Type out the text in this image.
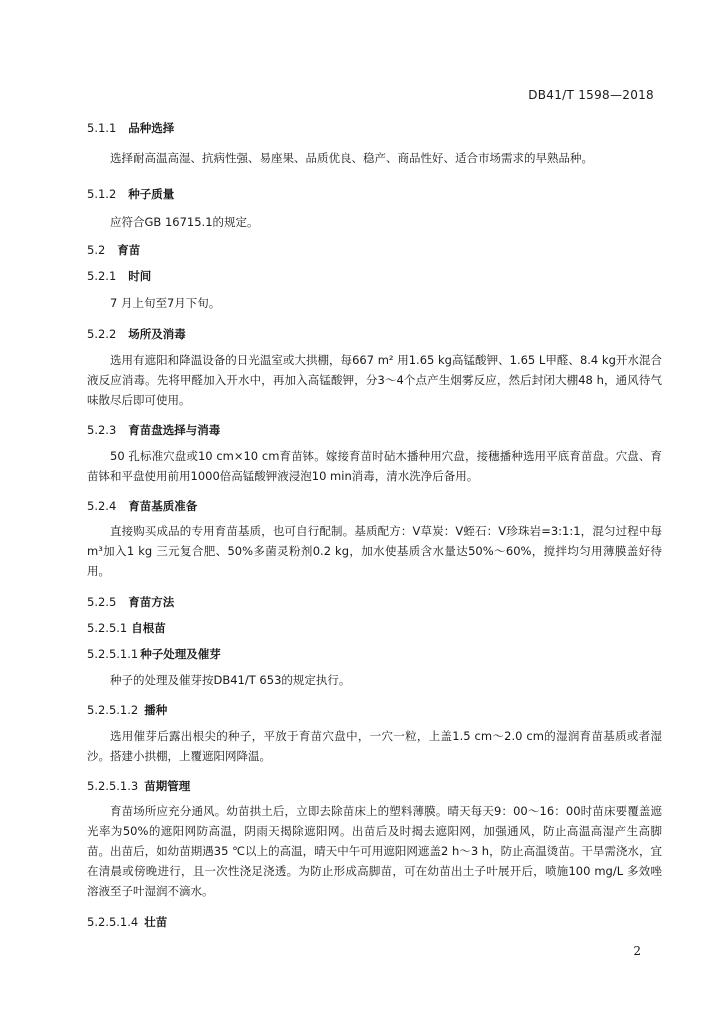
DB41/T 1598—2018
5.1.1 品种选择
选择耐高温高湿、抗病性强、易座果、品质优良、稳产、商品性好、适合市场需求的早熟品种。
5.1.2 种子质量
应符合GB 16715.1的规定。
5.2 育苗
5.2.1 时间
7 月上旬至7月下旬。
5.2.2 场所及消毒
选用有遮阳和降温设备的日光温室或大拱棚，每667 m² 用1.65 kg高锰酸钾、1.65 L甲醛、8.4 kg开水混合液反应消毒。先将甲醛加入开水中，再加入高锰酸钾，分3～4个点产生烟雾反应，然后封闭大棚48 h，通风待气味散尽后即可使用。
5.2.3 育苗盘选择与消毒
50 孔标准穴盘或10 cm×10 cm育苗钵。嫁接育苗时砧木播种用穴盘，接穗播种选用平底育苗盘。穴盘、育苗钵和平盘使用前用1000倍高锰酸钾液浸泡10 min消毒，清水洗净后备用。
5.2.4 育苗基质准备
直接购买成品的专用育苗基质，也可自行配制。基质配方：V草炭：V蛭石：V珍珠岩=3:1:1，混匀过程中每 m³加入1 kg 三元复合肥、50%多菌灵粉剂0.2 kg，加水使基质含水量达50%～60%，搅拌均匀用薄膜盖好待用。
5.2.5 育苗方法
5.2.5.1 自根苗
5.2.5.1.1 种子处理及催芽
种子的处理及催芽按DB41/T 653的规定执行。
5.2.5.1.2 播种
选用催芽后露出根尖的种子，平放于育苗穴盘中，一穴一粒，上盖1.5 cm～2.0 cm的湿润育苗基质或者湿沙。搭建小拱棚，上覆遮阳网降温。
5.2.5.1.3 苗期管理
育苗场所应充分通风。幼苗拱土后，立即去除苗床上的塑料薄膜。晴天每天9：00～16：00时苗床要覆盖遮光率为50%的遮阳网防高温，阴雨天揭除遮阳网。出苗后及时揭去遮阳网，加强通风，防止高温高湿产生高脚苗。出苗后，如幼苗期遇35 ℃以上的高温，晴天中午可用遮阳网遮盖2 h～3 h，防止高温烫苗。干旱需浇水，宜在清晨或傍晚进行，且一次性浇足浇透。为防止形成高脚苗，可在幼苗出土子叶展开后，喷施100 mg/L 多效唑溶液至子叶湿润不滴水。
5.2.5.1.4 壮苗
2
